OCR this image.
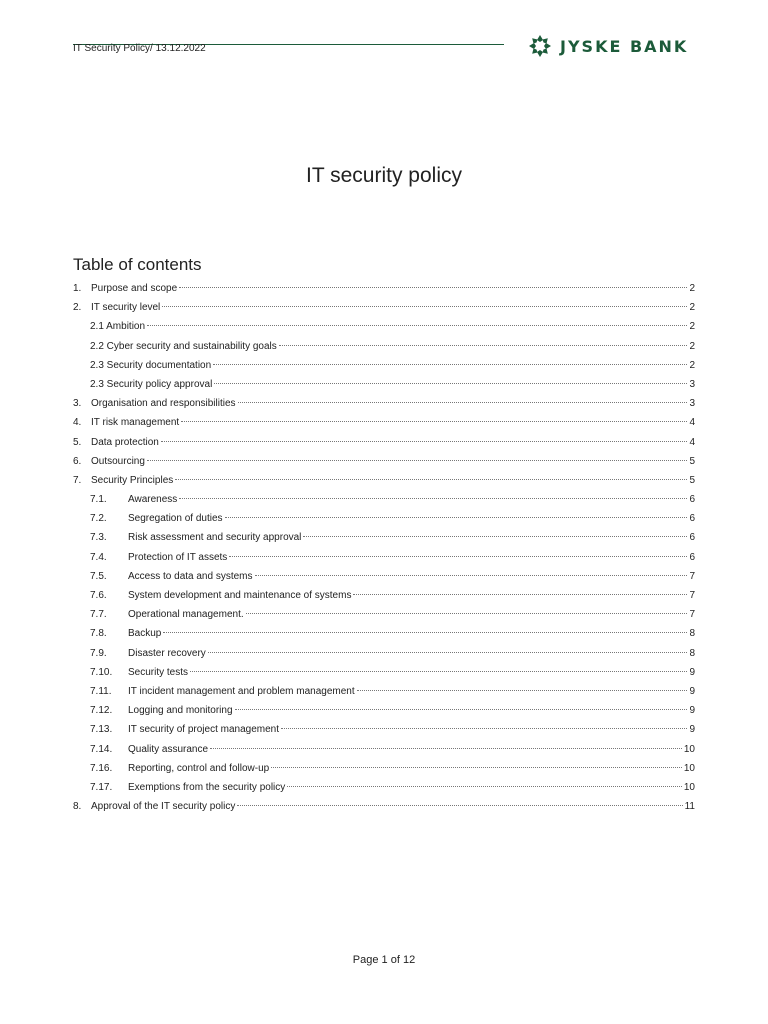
IT Security Policy/ 13.12.2022	JYSKE BANK
IT security policy
Table of contents
1. Purpose and scope	2
2. IT security level	2
2.1 Ambition	2
2.2 Cyber security and sustainability goals	2
2.3 Security documentation	2
2.3 Security policy approval	3
3. Organisation and responsibilities	3
4. IT risk management	4
5. Data protection	4
6. Outsourcing	5
7. Security Principles	5
7.1.	Awareness	6
7.2.	Segregation of duties	6
7.3.	Risk assessment and security approval	6
7.4.	Protection of IT assets	6
7.5.	Access to data and systems	7
7.6.	System development and maintenance of systems	7
7.7.	Operational management.	7
7.8.	Backup	8
7.9.	Disaster recovery	8
7.10.	Security tests	9
7.11.	IT incident management and problem management	9
7.12.	Logging and monitoring	9
7.13.	IT security of project management	9
7.14.	Quality assurance	10
7.16.	Reporting, control and follow-up	10
7.17.	Exemptions from the security policy	10
8. Approval of the IT security policy	11
Page 1 of 12
